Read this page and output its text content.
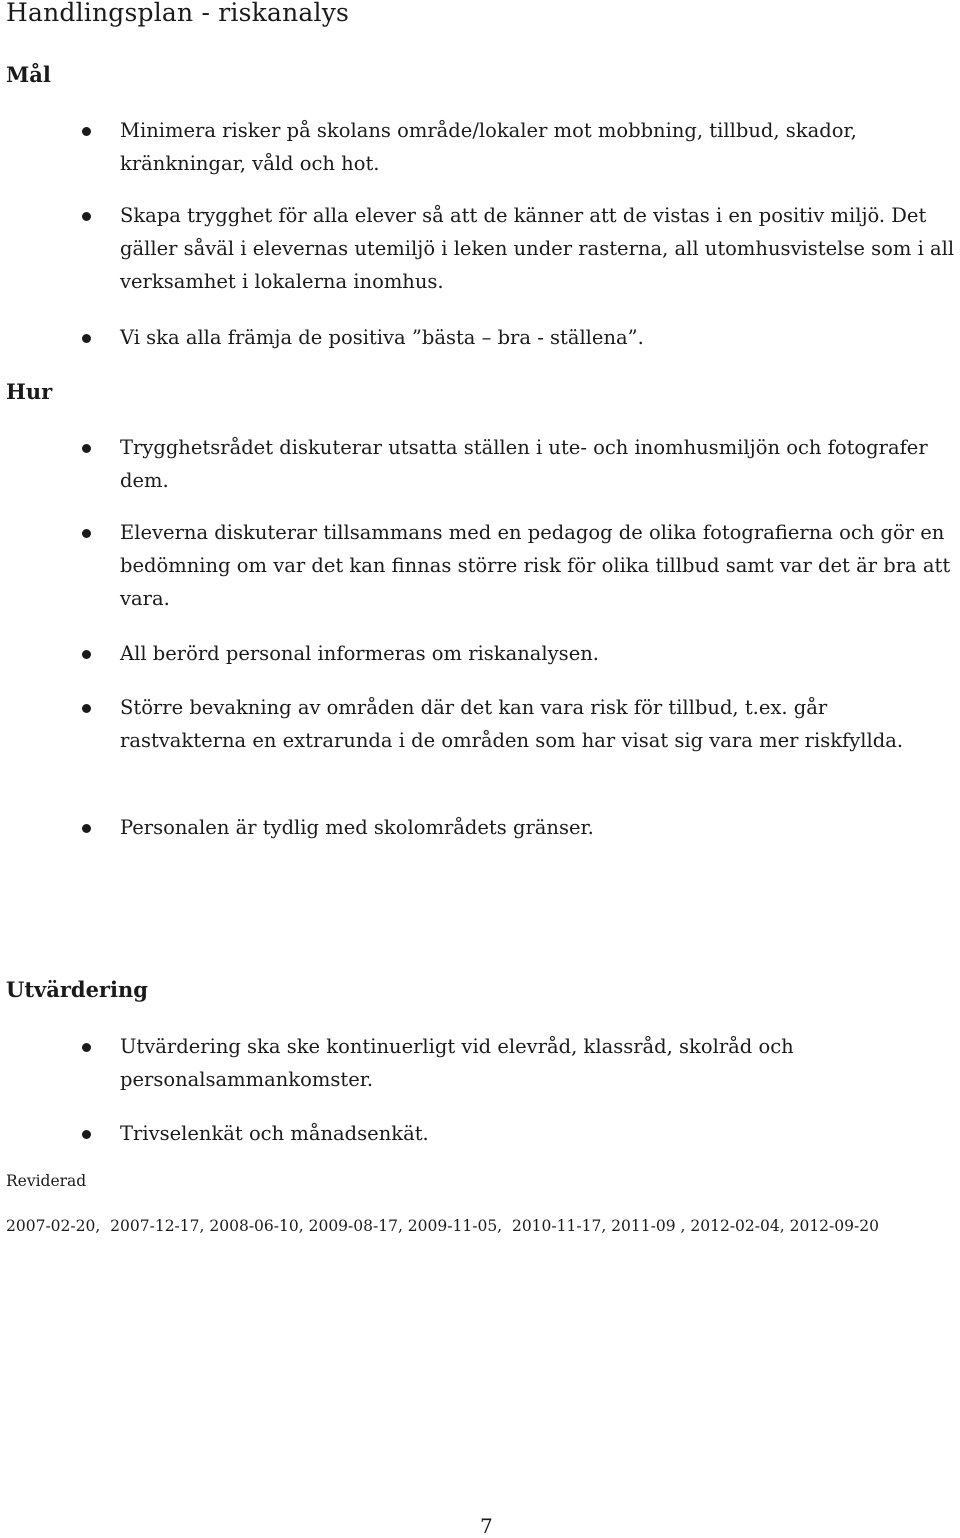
Handlingsplan - riskanalys
Mål

Minimera risker på skolans område/lokaler mot mobbning, tillbud, skador, kränkningar, våld och hot.

Skapa trygghet för alla elever så att de känner att de vistas i en positiv miljö. Det gäller såväl i elevernas utemiljö i leken under rasterna, all utomhusvistelse som i all verksamhet i lokalerna inomhus.

Vi ska alla främja de positiva ”bästa – bra - ställena”.

Hur

Trygghetsrådet diskuterar utsatta ställen i ute- och inomhusmiljön och fotografer dem.

Eleverna diskuterar tillsammans med en pedagog de olika fotografierna och gör en bedömning om var det kan finnas större risk för olika tillbud samt var det är bra att vara.

All berörd personal informeras om riskanalysen.

Större bevakning av områden där det kan vara risk för tillbud, t.ex. går rastvakterna en extrarunda i de områden som har visat sig vara mer riskfyllda.

Personalen är tydlig med skolområdets gränser.

Utvärdering

Utvärdering ska ske kontinuerligt vid elevråd, klassråd, skolråd och personalsammankomster.

Trivselenkät och månadsenkät.

Reviderad

2007-02-20,  2007-12-17, 2008-06-10, 2009-08-17, 2009-11-05,  2010-11-17, 2011-09 , 2012-02-04, 2012-09-20

7
